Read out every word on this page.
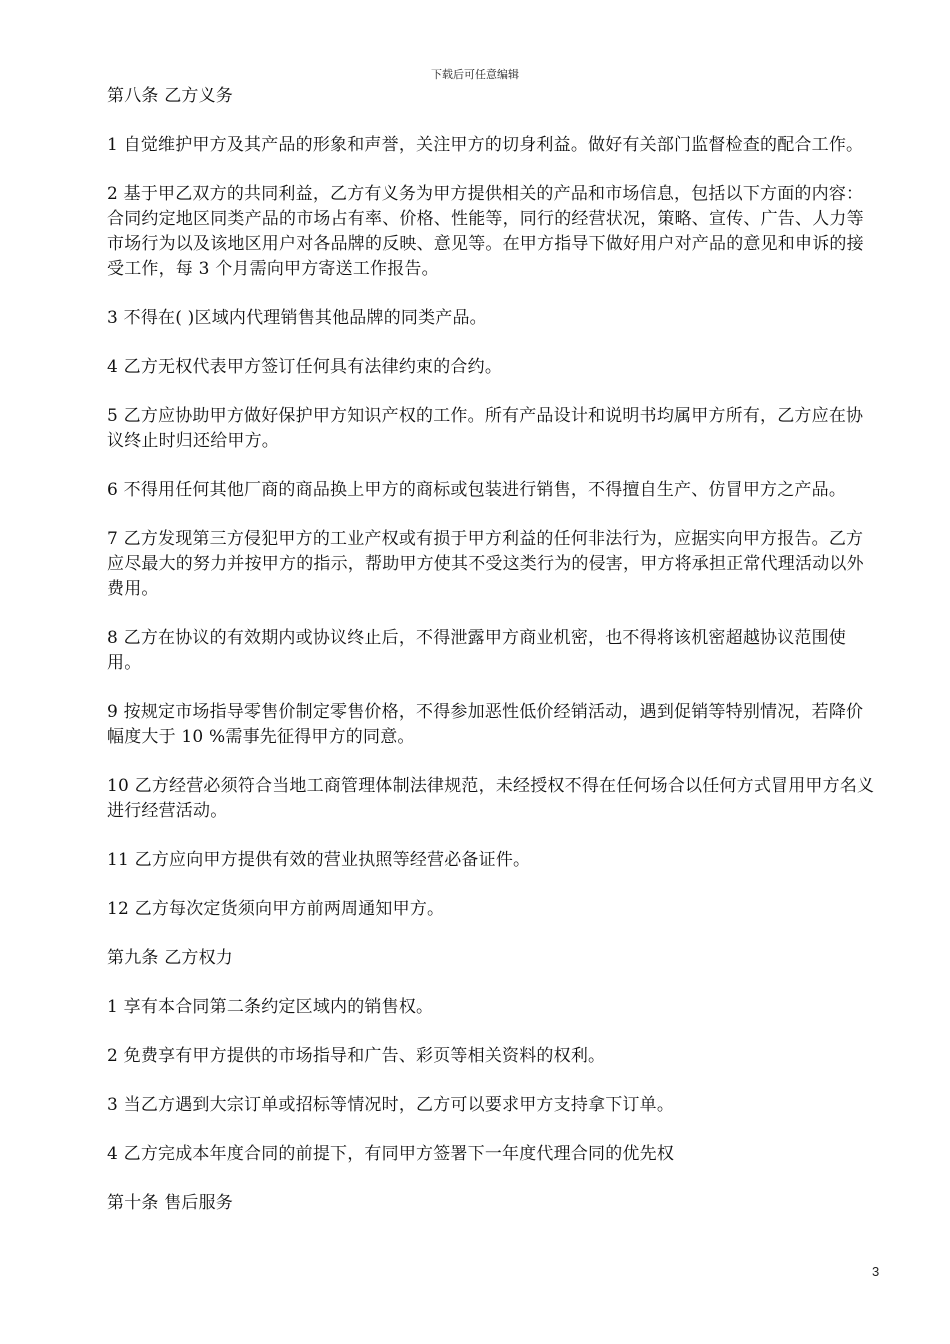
下载后可任意编辑

第八条 乙方义务

1 自觉维护甲方及其产品的形象和声誉，关注甲方的切身利益。做好有关部门监督检查的配合工作。

2 基于甲乙双方的共同利益，乙方有义务为甲方提供相关的产品和市场信息，包括以下方面的内容：合同约定地区同类产品的市场占有率、价格、性能等，同行的经营状况，策略、宣传、广告、人力等市场行为以及该地区用户对各品牌的反映、意见等。在甲方指导下做好用户对产品的意见和申诉的接受工作，每 3 个月需向甲方寄送工作报告。

3 不得在( )区域内代理销售其他品牌的同类产品。

4 乙方无权代表甲方签订任何具有法律约束的合约。

5 乙方应协助甲方做好保护甲方知识产权的工作。所有产品设计和说明书均属甲方所有，乙方应在协议终止时归还给甲方。

6 不得用任何其他厂商的商品换上甲方的商标或包装进行销售，不得擅自生产、仿冒甲方之产品。

7 乙方发现第三方侵犯甲方的工业产权或有损于甲方利益的任何非法行为，应据实向甲方报告。乙方应尽最大的努力并按甲方的指示，帮助甲方使其不受这类行为的侵害，甲方将承担正常代理活动以外费用。

8 乙方在协议的有效期内或协议终止后，不得泄露甲方商业机密，也不得将该机密超越协议范围使用。

9 按规定市场指导零售价制定零售价格，不得参加恶性低价经销活动，遇到促销等特别情况，若降价幅度大于 10 %需事先征得甲方的同意。

10 乙方经营必须符合当地工商管理体制法律规范，未经授权不得在任何场合以任何方式冒用甲方名义进行经营活动。

11 乙方应向甲方提供有效的营业执照等经营必备证件。

12 乙方每次定货须向甲方前两周通知甲方。

第九条 乙方权力

1 享有本合同第二条约定区域内的销售权。

2 免费享有甲方提供的市场指导和广告、彩页等相关资料的权利。

3 当乙方遇到大宗订单或招标等情况时，乙方可以要求甲方支持拿下订单。

4 乙方完成本年度合同的前提下，有同甲方签署下一年度代理合同的优先权

第十条 售后服务

3
